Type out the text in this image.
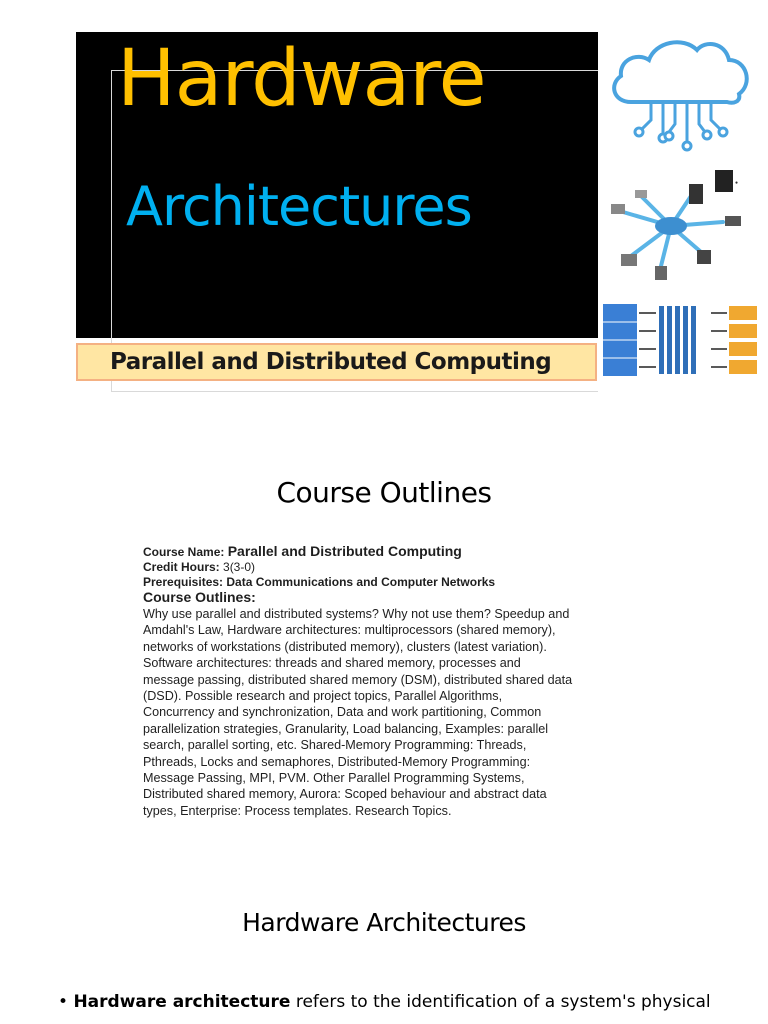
Hardware
Architectures
Parallel and Distributed Computing
●
Course Outlines
Course Name: Parallel and Distributed Computing
Credit Hours: 3(3-0)
Prerequisites: Data Communications and Computer Networks
Course Outlines:
Why use parallel and distributed systems? Why not use them? Speedup and
Amdahl's Law, Hardware architectures: multiprocessors (shared memory),
networks of workstations (distributed memory), clusters (latest variation).
Software architectures: threads and shared memory, processes and
message passing, distributed shared memory (DSM), distributed shared data
(DSD). Possible research and project topics, Parallel Algorithms,
Concurrency and synchronization, Data and work partitioning, Common
parallelization strategies, Granularity, Load balancing, Examples: parallel
search, parallel sorting, etc. Shared-Memory Programming: Threads,
Pthreads, Locks and semaphores, Distributed-Memory Programming:
Message Passing, MPI, PVM. Other Parallel Programming Systems,
Distributed shared memory, Aurora: Scoped behaviour and abstract data
types, Enterprise: Process templates. Research Topics.
Hardware Architectures
• Hardware architecture refers to the identification of a system's physical
